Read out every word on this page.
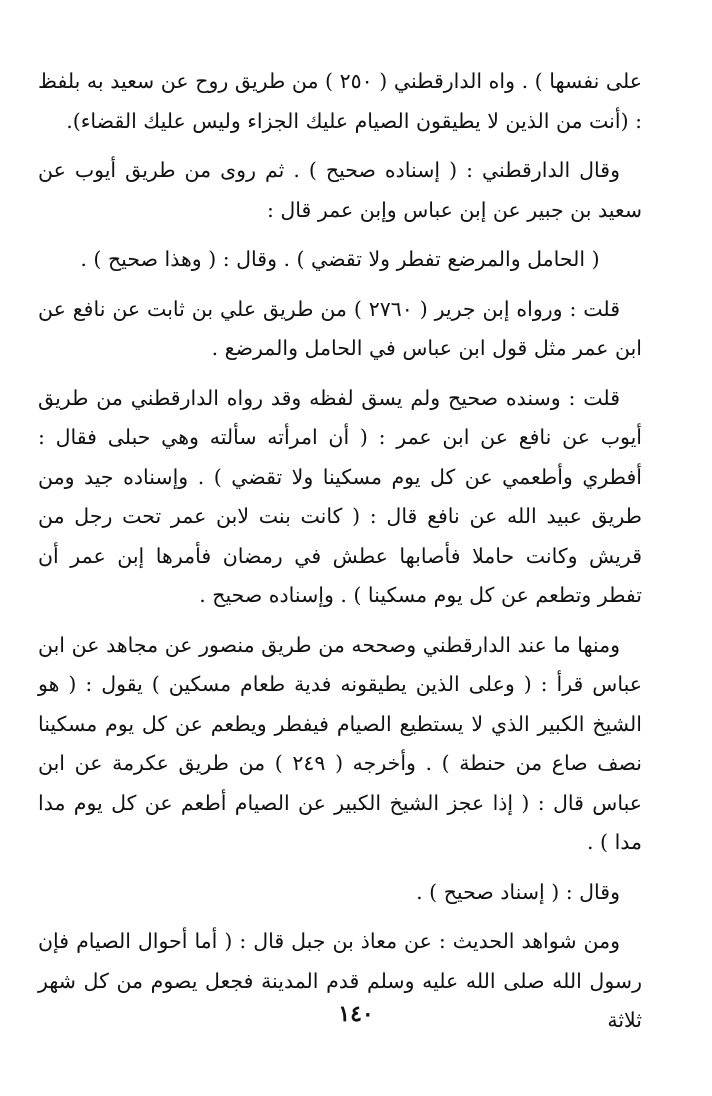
على نفسها ) . واه الدارقطني ( ٢٥٠ ) من طريق روح عن سعيد به بلفظ : (أنت من الذين لا يطيقون الصيام عليك الجزاء وليس عليك القضاء).

وقال الدارقطني : ( إسناده صحيح ) . ثم روى من طريق أيوب عن سعيد بن جبير عن إبن عباس وإبن عمر قال :

( الحامل والمرضع تفطر ولا تقضي ) . وقال : ( وهذا صحيح ) .

قلت : ورواه إبن جرير ( ٢٧٦٠ ) من طريق علي بن ثابت عن نافع عن ابن عمر مثل قول ابن عباس في الحامل والمرضع .

قلت : وسنده صحيح ولم يسق لفظه وقد رواه الدارقطني من طريق أيوب عن نافع عن ابن عمر : ( أن امرأته سألته وهي حبلى فقال : أفطري وأطعمي عن كل يوم مسكينا ولا تقضي ) . وإسناده جيد ومن طريق عبيد الله عن نافع قال : ( كانت بنت لابن عمر تحت رجل من قريش وكانت حاملا فأصابها عطش في رمضان فأمرها إبن عمر أن تفطر وتطعم عن كل يوم مسكينا ) . وإسناده صحيح .

ومنها ما عند الدارقطني وصححه من طريق منصور عن مجاهد عن ابن عباس قرأ : ( وعلى الذين يطيقونه فدية طعام مسكين ) يقول : ( هو الشيخ الكبير الذي لا يستطيع الصيام فيفطر ويطعم عن كل يوم مسكينا نصف صاع من حنطة ) . وأخرجه ( ٢٤٩ ) من طريق عكرمة عن ابن عباس قال : ( إذا عجز الشيخ الكبير عن الصيام أطعم عن كل يوم مدا مدا ) .

وقال : ( إسناد صحيح ) .

ومن شواهد الحديث : عن معاذ بن جبل قال : ( أما أحوال الصيام فإن رسول الله صلى الله عليه وسلم قدم المدينة فجعل يصوم من كل شهر ثلاثة

١٤٠
